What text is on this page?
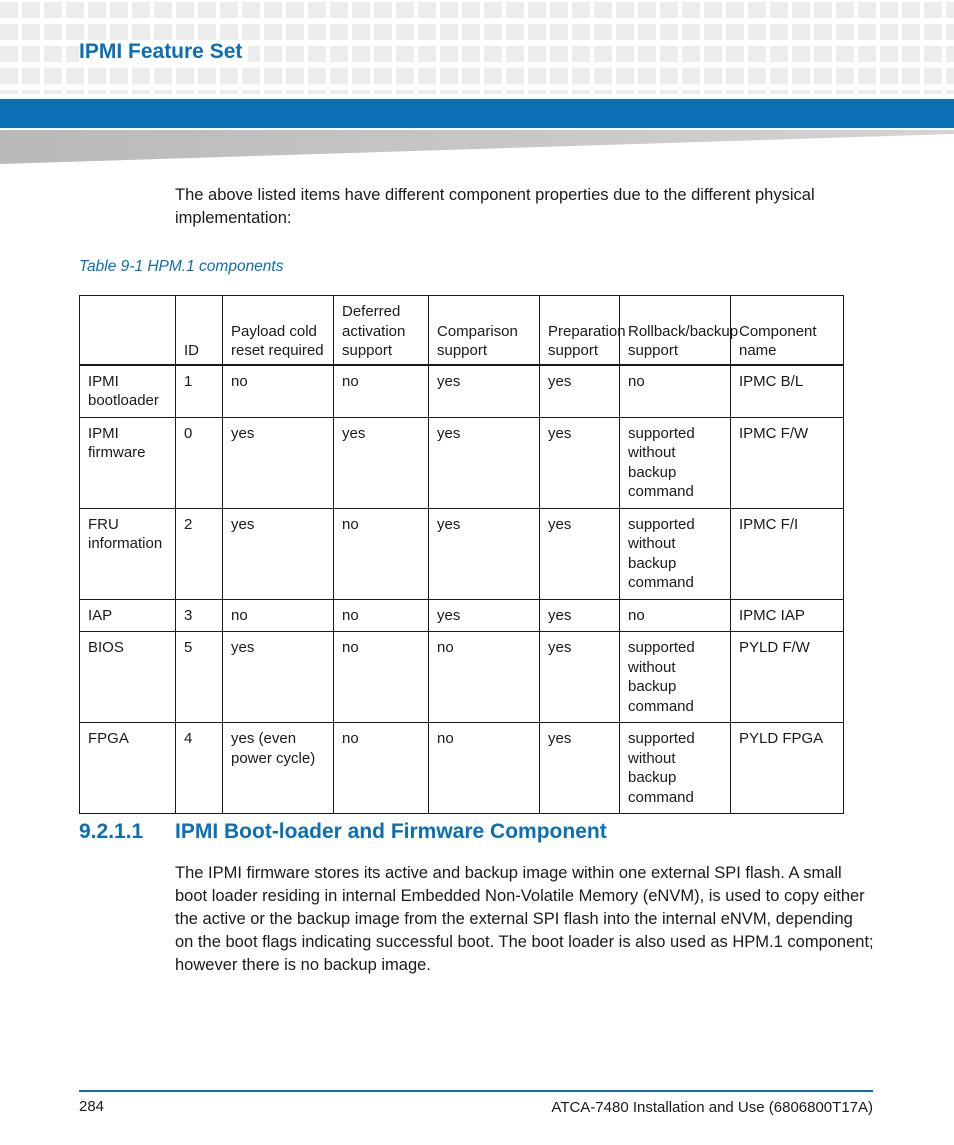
IPMI Feature Set
The above listed items have different component properties due to the different physical implementation:
Table 9-1 HPM.1 components
	ID	Payload cold reset required	Deferred activation support	Comparison support	Preparation support	Rollback/backup support	Component name
IPMI bootloader	1	no	no	yes	yes	no	IPMC B/L
IPMI firmware	0	yes	yes	yes	yes	supported without backup command	IPMC F/W
FRU information	2	yes	no	yes	yes	supported without backup command	IPMC F/I
IAP	3	no	no	yes	yes	no	IPMC IAP
BIOS	5	yes	no	no	yes	supported without backup command	PYLD F/W
FPGA	4	yes (even power cycle)	no	no	yes	supported without backup command	PYLD FPGA
9.2.1.1 IPMI Boot-loader and Firmware Component
The IPMI firmware stores its active and backup image within one external SPI flash. A small boot loader residing in internal Embedded Non-Volatile Memory (eNVM), is used to copy either the active or the backup image from the external SPI flash into the internal eNVM, depending on the boot flags indicating successful boot. The boot loader is also used as HPM.1 component; however there is no backup image.
284	ATCA-7480 Installation and Use (6806800T17A)
